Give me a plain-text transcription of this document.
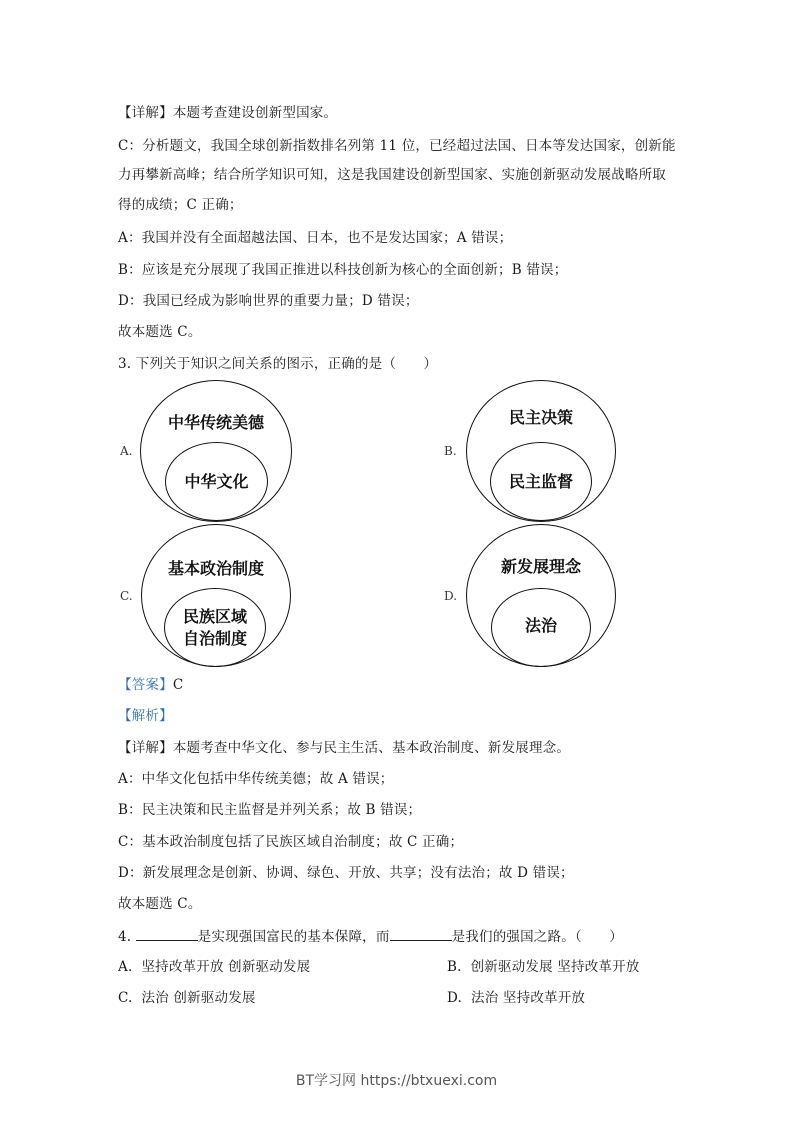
【详解】本题考查建设创新型国家。
C：分析题文，我国全球创新指数排名列第 11 位，已经超过法国、日本等发达国家，创新能
力再攀新高峰；结合所学知识可知，这是我国建设创新型国家、实施创新驱动发展战略所取
得的成绩；C 正确；
A：我国并没有全面超越法国、日本，也不是发达国家；A 错误；
B：应该是充分展现了我国正推进以科技创新为核心的全面创新；B 错误；
D：我国已经成为影响世界的重要力量；D 错误；
故本题选 C。
3. 下列关于知识之间关系的图示，正确的是（　　）
A.
中华传统美德
中华文化
B.
民主决策
民主监督
C.
基本政治制度
民族区域
自治制度
D.
新发展理念
法治
【答案】C
【解析】
【详解】本题考查中华文化、参与民主生活、基本政治制度、新发展理念。
A：中华文化包括中华传统美德；故 A 错误；
B：民主决策和民主监督是并列关系；故 B 错误；
C：基本政治制度包括了民族区域自治制度；故 C 正确；
D：新发展理念是创新、协调、绿色、开放、共享；没有法治；故 D 错误；
故本题选 C。
4.	是实现强国富民的基本保障，而	是我们的强国之路。（　　）
A. 坚持改革开放 创新驱动发展	B. 创新驱动发展 坚持改革开放
C. 法治 创新驱动发展	D. 法治 坚持改革开放
BT学习网 https://btxuexi.com
